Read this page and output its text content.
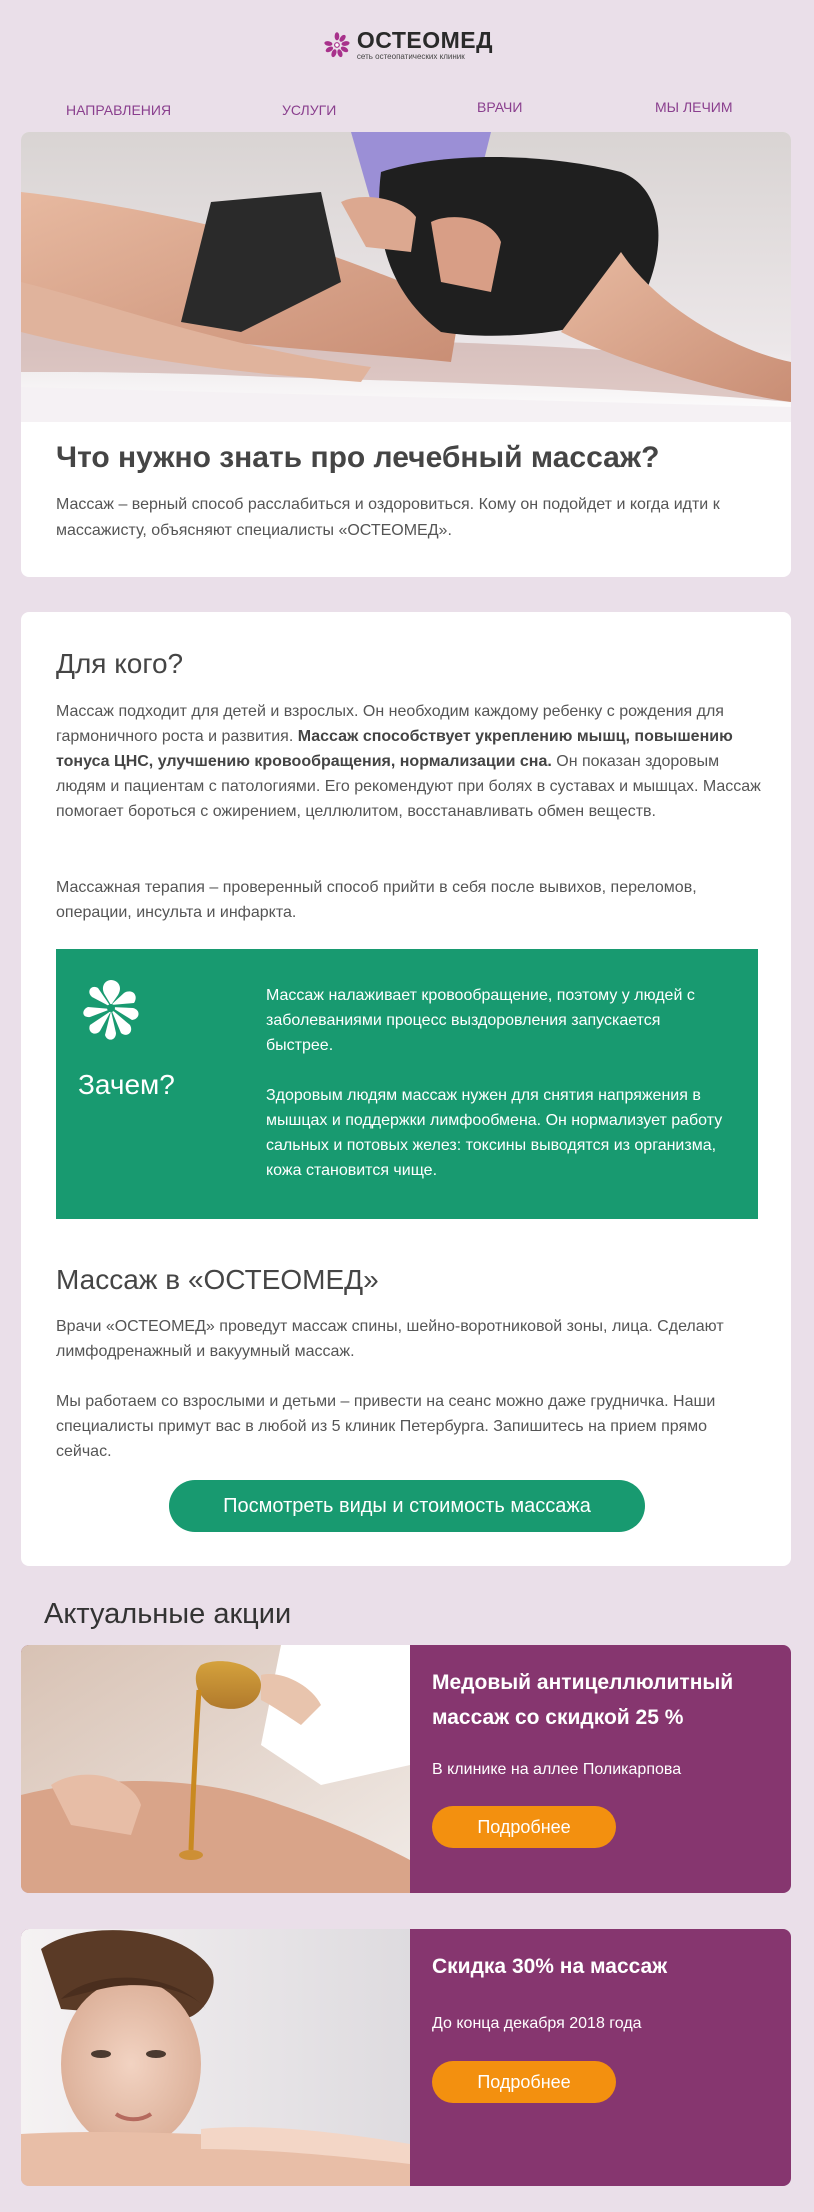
ОСТЕОМЕД
сеть остеопатических клиник
НАПРАВЛЕНИЯ	УСЛУГИ	ВРАЧИ	МЫ ЛЕЧИМ
Что нужно знать про лечебный массаж?
Массаж – верный способ расслабиться и оздоровиться. Кому он подойдет и когда идти к массажисту, объясняют специалисты «ОСТЕОМЕД».
Для кого?
Массаж подходит для детей и взрослых. Он необходим каждому ребенку с рождения для гармоничного роста и развития. Массаж способствует укреплению мышц, повышению тонуса ЦНС, улучшению кровообращения, нормализации сна. Он показан здоровым людям и пациентам с патологиями. Его рекомендуют при болях в суставах и мышцах. Массаж помогает бороться с ожирением, целлюлитом, восстанавливать обмен веществ.
Массажная терапия – проверенный способ прийти в себя после вывихов, переломов, операции, инсульта и инфаркта.
Зачем?
Массаж налаживает кровообращение, поэтому у людей с заболеваниями процесс выздоровления запускается быстрее.
Здоровым людям массаж нужен для снятия напряжения в мышцах и поддержки лимфообмена. Он нормализует работу сальных и потовых желез: токсины выводятся из организма, кожа становится чище.
Массаж в «ОСТЕОМЕД»
Врачи «ОСТЕОМЕД» проведут массаж спины, шейно-воротниковой зоны, лица. Сделают лимфодренажный и вакуумный массаж.
Мы работаем со взрослыми и детьми – привести на сеанс можно даже грудничка. Наши специалисты примут вас в любой из 5 клиник Петербурга. Запишитесь на прием прямо сейчас.
Посмотреть виды и стоимость массажа
Актуальные акции
Медовый антицеллюлитный массаж со скидкой 25 %
В клинике на аллее Поликарпова
Подробнее
Скидка 30% на массаж
До конца декабря 2018 года
Подробнее
